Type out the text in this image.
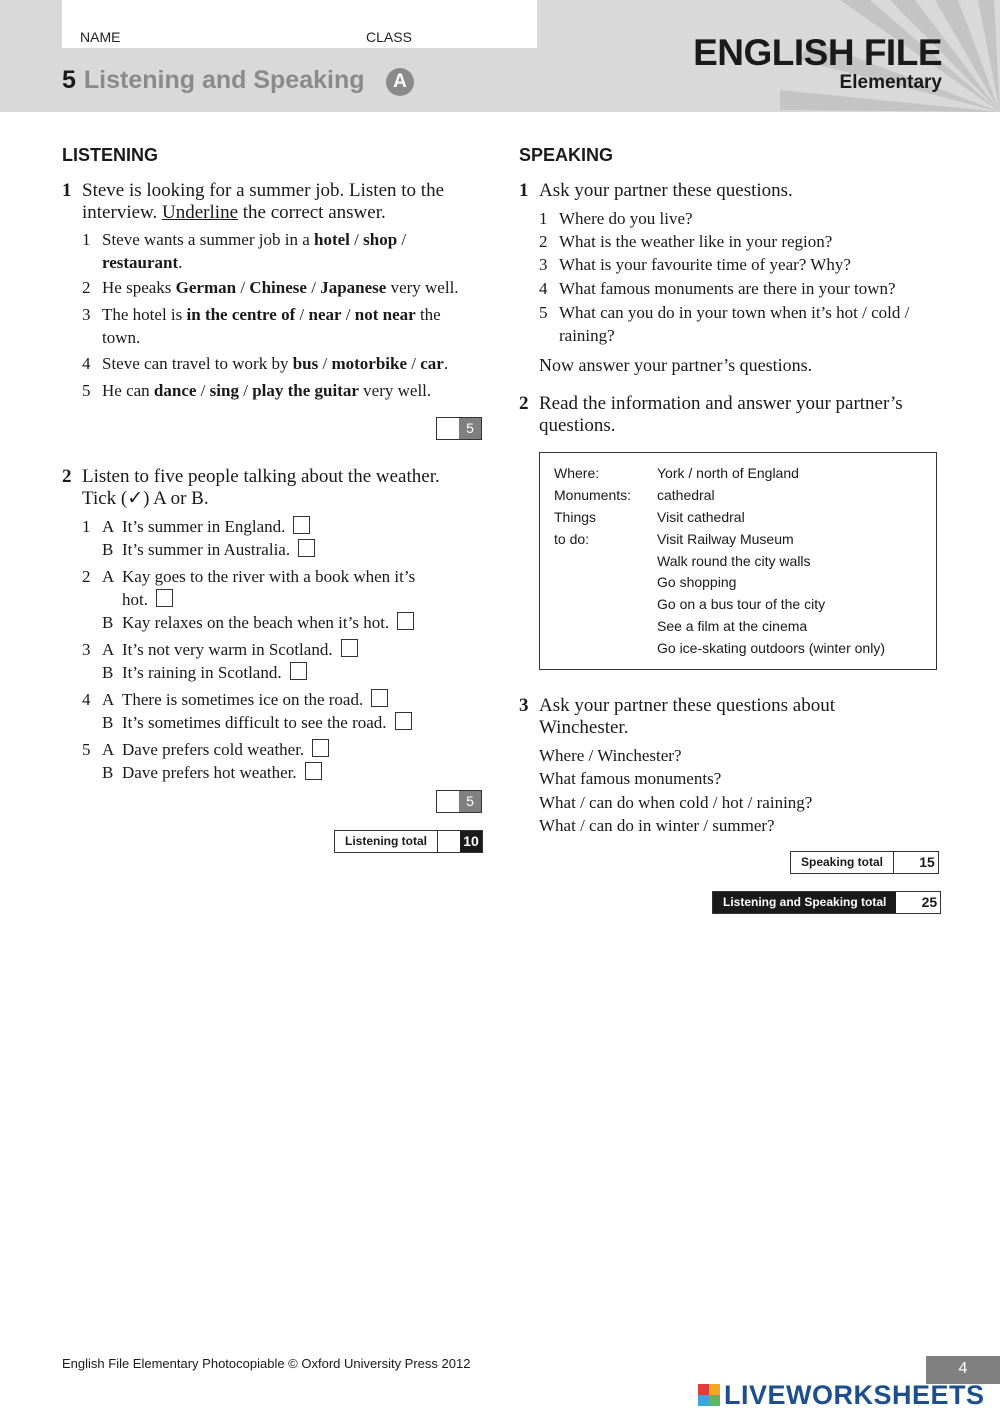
NAME	CLASS
5 Listening and Speaking	A
ENGLISH FILE
Elementary
LISTENING
1 Steve is looking for a summer job. Listen to the
interview. Underline the correct answer.
1 Steve wants a summer job in a hotel / shop /
restaurant.
2 He speaks German / Chinese / Japanese very well.
3 The hotel is in the centre of / near / not near the
town.
4 Steve can travel to work by bus / motorbike / car.
5 He can dance / sing / play the guitar very well.
5
2 Listen to five people talking about the weather.
Tick (✓) A or B.
1 A It’s summer in England.
B It’s summer in Australia.
2 A Kay goes to the river with a book when it’s
hot.
B Kay relaxes on the beach when it’s hot.
3 A It’s not very warm in Scotland.
B It’s raining in Scotland.
4 A There is sometimes ice on the road.
B It’s sometimes difficult to see the road.
5 A Dave prefers cold weather.
B Dave prefers hot weather.
5
Listening total	10
SPEAKING
1 Ask your partner these questions.
1 Where do you live?
2 What is the weather like in your region?
3 What is your favourite time of year? Why?
4 What famous monuments are there in your town?
5 What can you do in your town when it’s hot / cold /
raining?
Now answer your partner’s questions.
2 Read the information and answer your partner’s
questions.
Where:	York / north of England
Monuments: cathedral
Things to do:
Visit cathedral
Visit Railway Museum
Walk round the city walls
Go shopping
Go on a bus tour of the city
See a film at the cinema
Go ice-skating outdoors (winter only)
3 Ask your partner these questions about
Winchester.
Where / Winchester?
What famous monuments?
What / can do when cold / hot / raining?
What / can do in winter / summer?
Speaking total	15
Listening and Speaking total	25
English File Elementary Photocopiable © Oxford University Press 2012	4
LIVEWORKSHEETS
